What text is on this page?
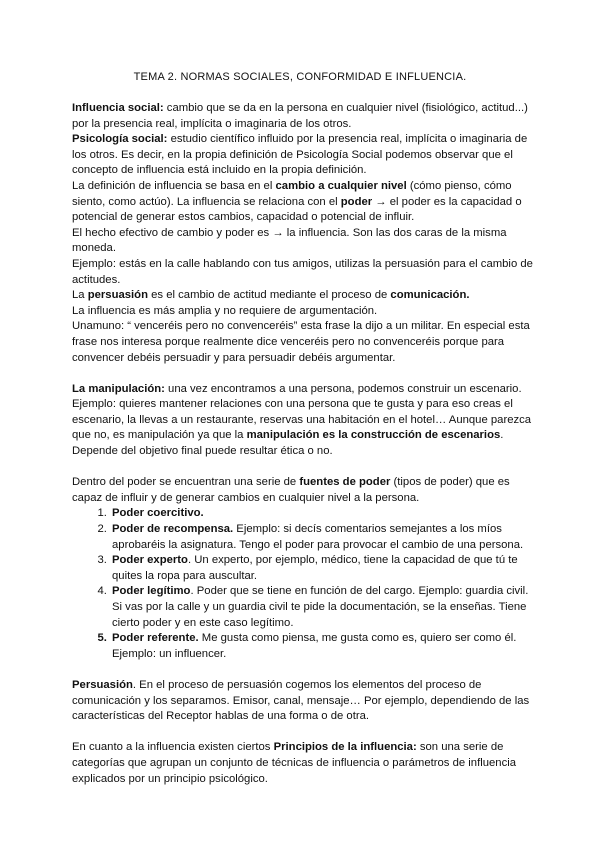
TEMA 2. NORMAS SOCIALES, CONFORMIDAD E INFLUENCIA.

Influencia social: cambio que se da en la persona en cualquier nivel (fisiológico, actitud...) por la presencia real, implícita o imaginaria de los otros.

Psicología social: estudio científico influido por la presencia real, implícita o imaginaria de los otros. Es decir, en la propia definición de Psicología Social podemos observar que el concepto de influencia está incluido en la propia definición.

La definición de influencia se basa en el cambio a cualquier nivel (cómo pienso, cómo siento, como actúo). La influencia se relaciona con el poder → el poder es la capacidad o potencial de generar estos cambios, capacidad o potencial de influir.

El hecho efectivo de cambio y poder es → la influencia. Son las dos caras de la misma moneda.

Ejemplo: estás en la calle hablando con tus amigos, utilizas la persuasión para el cambio de actitudes.

La persuasión es el cambio de actitud mediante el proceso de comunicación.

La influencia es más amplia y no requiere de argumentación.

Unamuno: “ venceréis pero no convenceréis” esta frase la dijo a un militar. En especial esta frase nos interesa porque realmente dice venceréis pero no convenceréis porque para convencer debéis persuadir y para persuadir debéis argumentar.

La manipulación: una vez encontramos a una persona, podemos construir un escenario. Ejemplo: quieres mantener relaciones con una persona que te gusta y para eso creas el escenario, la llevas a un restaurante, reservas una habitación en el hotel… Aunque parezca que no, es manipulación ya que la manipulación es la construcción de escenarios. Depende del objetivo final puede resultar ética o no.

Dentro del poder se encuentran una serie de fuentes de poder (tipos de poder) que es capaz de influir y de generar cambios en cualquier nivel a la persona.

1. Poder coercitivo.
2. Poder de recompensa. Ejemplo: si decís comentarios semejantes a los míos aprobaréis la asignatura. Tengo el poder para provocar el cambio de una persona.
3. Poder experto. Un experto, por ejemplo, médico, tiene la capacidad de que tú te quites la ropa para auscultar.
4. Poder legítimo. Poder que se tiene en función de del cargo. Ejemplo: guardia civil. Si vas por la calle y un guardia civil te pide la documentación, se la enseñas. Tiene cierto poder y en este caso legítimo.
5. Poder referente. Me gusta como piensa, me gusta como es, quiero ser como él. Ejemplo: un influencer.

Persuasión. En el proceso de persuasión cogemos los elementos del proceso de comunicación y los separamos. Emisor, canal, mensaje… Por ejemplo, dependiendo de las características del Receptor hablas de una forma o de otra.

En cuanto a la influencia existen ciertos Principios de la influencia: son una serie de categorías que agrupan un conjunto de técnicas de influencia o parámetros de influencia explicados por un principio psicológico.
